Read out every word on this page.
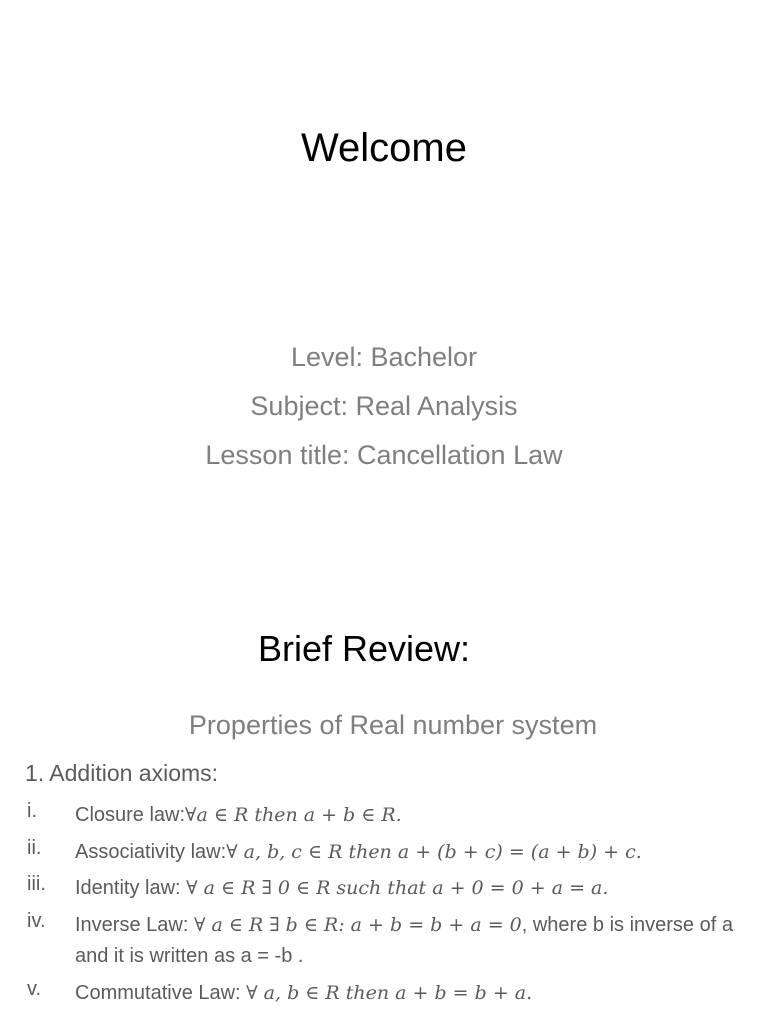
Welcome
Level: Bachelor
Subject: Real Analysis
Lesson title: Cancellation Law
Brief Review:
Properties of Real number system
1. Addition axioms:
i. Closure law:∀a ∈ R then a + b ∈ R.
ii. Associativity law:∀ a, b, c ∈ R then a + (b + c) = (a + b) + c.
iii. Identity law: ∀ a ∈ R ∃ 0 ∈ R such that a + 0 = 0 + a = a.
iv. Inverse Law: ∀ a ∈ R ∃ b ∈ R: a + b = b + a = 0, where b is inverse of a and it is written as a = -b .
v. Commutative Law: ∀ a, b ∈ R then a + b = b + a.
